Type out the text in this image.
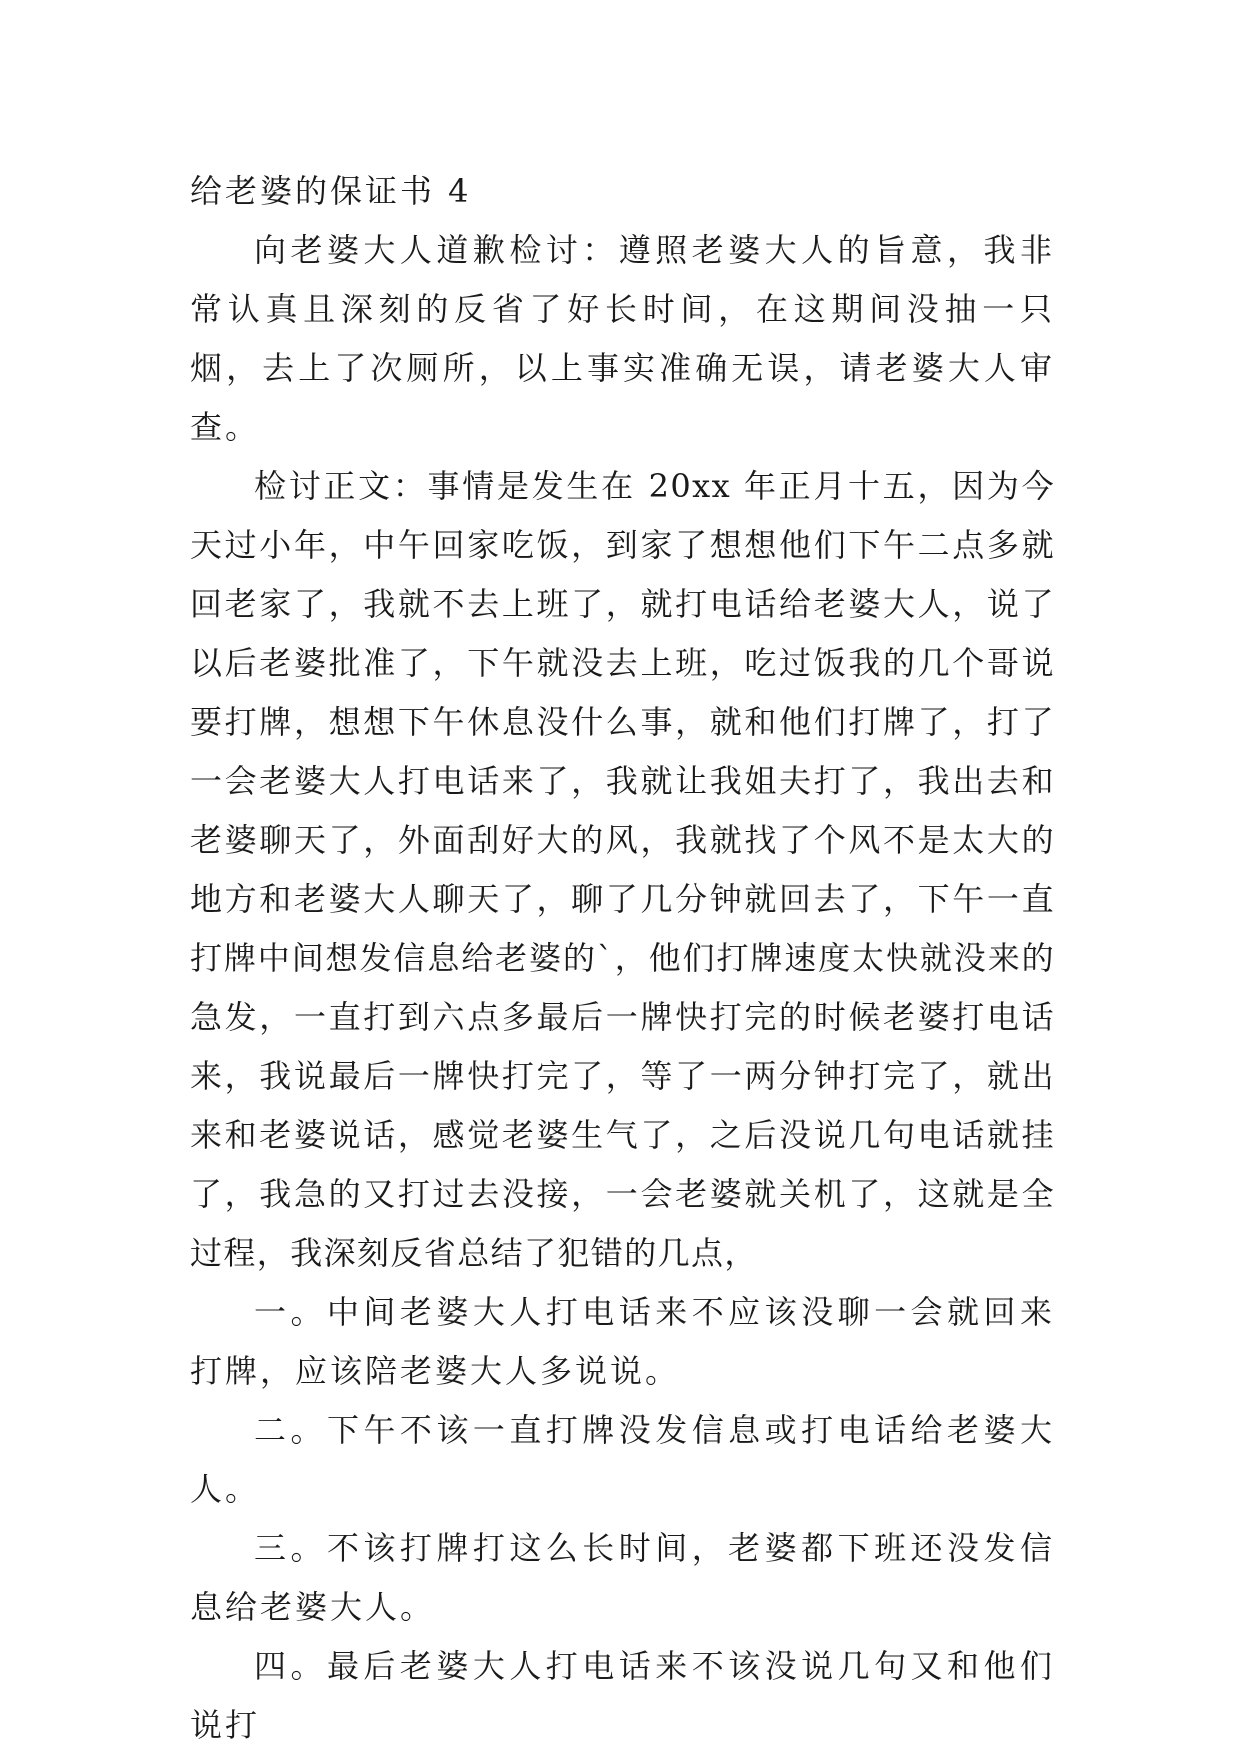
给老婆的保证书 4

向老婆大人道歉检讨：遵照老婆大人的旨意，我非常认真且深刻的反省了好长时间，在这期间没抽一只烟，去上了次厕所，以上事实准确无误，请老婆大人审查。

检讨正文：事情是发生在 20xx 年正月十五，因为今天过小年，中午回家吃饭，到家了想想他们下午二点多就回老家了，我就不去上班了，就打电话给老婆大人，说了以后老婆批准了，下午就没去上班，吃过饭我的几个哥说要打牌，想想下午休息没什么事，就和他们打牌了，打了一会老婆大人打电话来了，我就让我姐夫打了，我出去和老婆聊天了，外面刮好大的风，我就找了个风不是太大的地方和老婆大人聊天了，聊了几分钟就回去了，下午一直打牌中间想发信息给老婆的`，他们打牌速度太快就没来的急发，一直打到六点多最后一牌快打完的时候老婆打电话来，我说最后一牌快打完了，等了一两分钟打完了，就出来和老婆说话，感觉老婆生气了，之后没说几句电话就挂了，我急的又打过去没接，一会老婆就关机了，这就是全过程，我深刻反省总结了犯错的几点，

一。中间老婆大人打电话来不应该没聊一会就回来打牌，应该陪老婆大人多说说。

二。下午不该一直打牌没发信息或打电话给老婆大人。

三。不该打牌打这么长时间，老婆都下班还没发信息给老婆大人。

四。最后老婆大人打电话来不该没说几句又和他们说打
